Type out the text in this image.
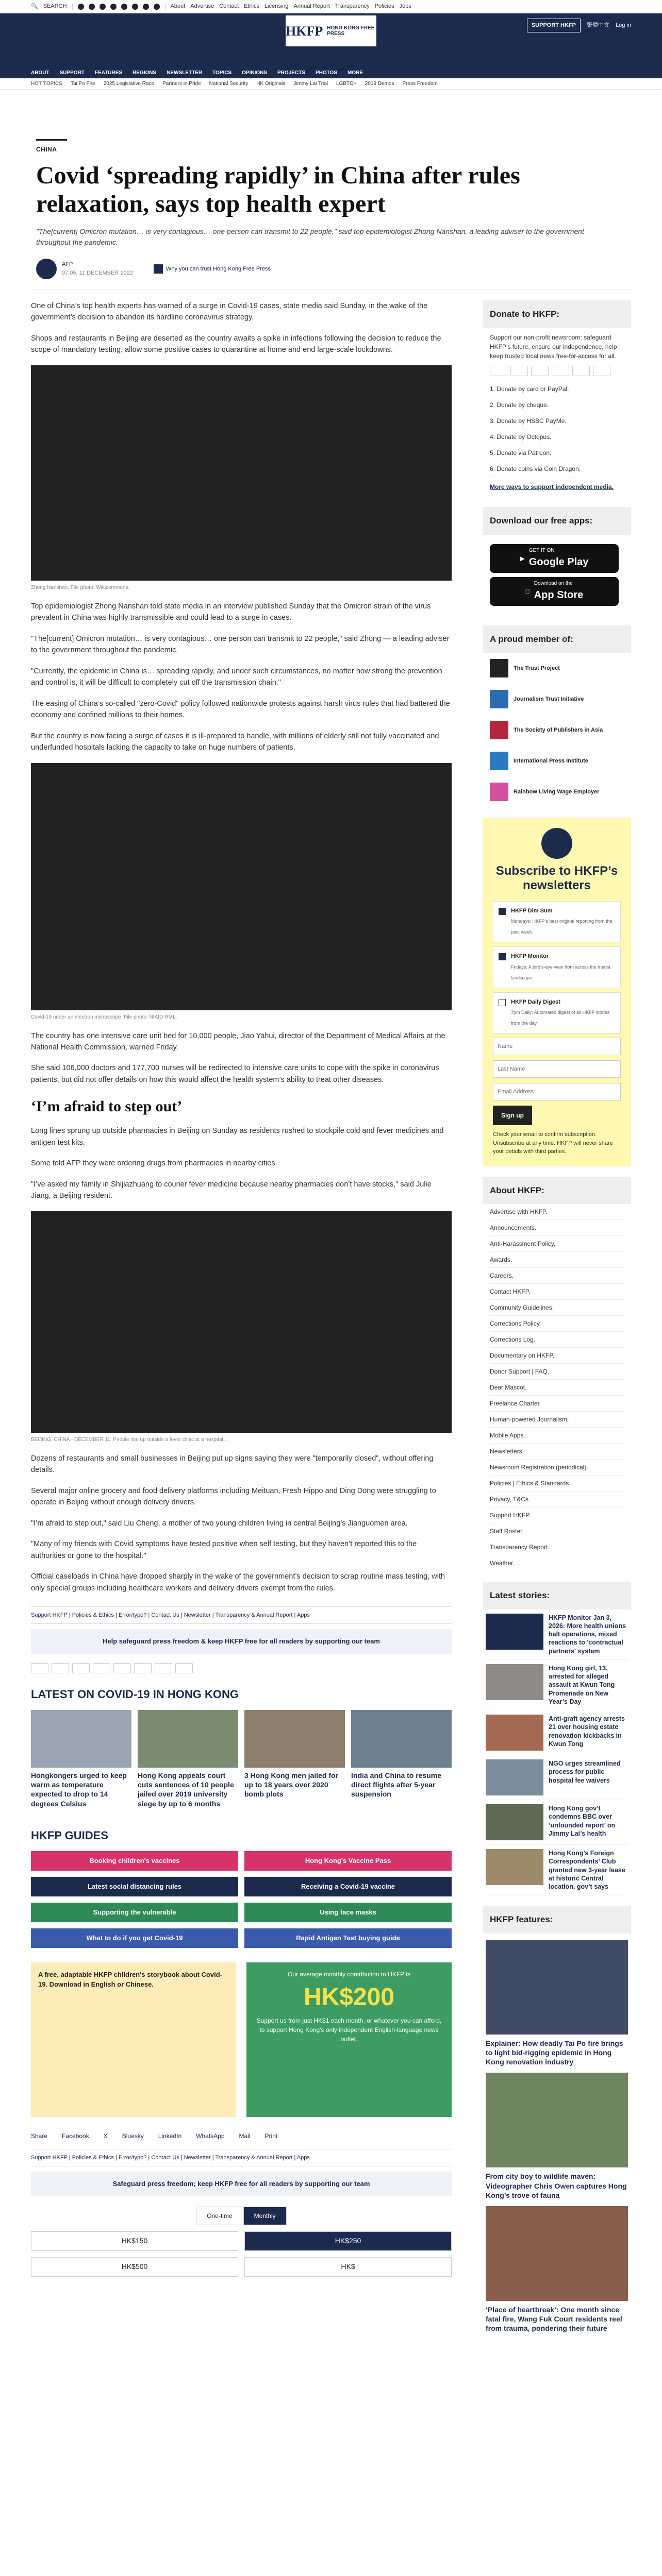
🔍 SEARCH	About Advertise Contact Ethics Licensing Annual Report Transparency Policies Jobs
HKFP HONG KONG FREE PRESS
SUPPORT HKFP	繁體中文 Log in
ABOUT SUPPORT FEATURES REGIONS NEWSLETTER TOPICS OPINIONS PROJECTS PHOTOS MORE
HOT TOPICS Tai Po Fire 2025 Legislative Race Partners in Pride National Security HK Originals Jimmy Lai Trial LGBTQ+ 2019 Demos Press Freedom
CHINA
Covid ‘spreading rapidly’ in China after rules relaxation, says top health expert
"The[current] Omicron mutation… is very contagious… one person can transmit to 22 people," said top epidemiologist Zhong Nanshan, a leading adviser to the government throughout the pandemic.
AFP
07:05, 11 DECEMBER 2022
Why you can trust Hong Kong Free Press

One of China’s top health experts has warned of a surge in Covid-19 cases, state media said Sunday, in the wake of the government’s decision to abandon its hardline coronavirus strategy.

Shops and restaurants in Beijing are deserted as the country awaits a spike in infections following the decision to reduce the scope of mandatory testing, allow some positive cases to quarantine at home and end large-scale lockdowns.

Zhong Nanshan. File photo: Wikicommons.

Top epidemiologist Zhong Nanshan told state media in an interview published Sunday that the Omicron strain of the virus prevalent in China was highly transmissible and could lead to a surge in cases.

"The[current] Omicron mutation… is very contagious… one person can transmit to 22 people," said Zhong — a leading adviser to the government throughout the pandemic.

"Currently, the epidemic in China is… spreading rapidly, and under such circumstances, no matter how strong the prevention and control is, it will be difficult to completely cut off the transmission chain."

The easing of China’s so-called "zero-Covid" policy followed nationwide protests against harsh virus rules that had battered the economy and confined millions to their homes.

But the country is now facing a surge of cases it is ill-prepared to handle, with millions of elderly still not fully vaccinated and underfunded hospitals lacking the capacity to take on huge numbers of patients.

Covid-19 under an electron microscope. File photo: NIAID-RML.

The country has one intensive care unit bed for 10,000 people, Jiao Yahui, director of the Department of Medical Affairs at the National Health Commission, warned Friday.

She said 106,000 doctors and 177,700 nurses will be redirected to intensive care units to cope with the spike in coronavirus patients, but did not offer details on how this would affect the health system’s ability to treat other diseases.

‘I’m afraid to step out’

Long lines sprung up outside pharmacies in Beijing on Sunday as residents rushed to stockpile cold and fever medicines and antigen test kits.

Some told AFP they were ordering drugs from pharmacies in nearby cities.

"I’ve asked my family in Shijiazhuang to courier fever medicine because nearby pharmacies don’t have stocks," said Julie Jiang, a Beijing resident.

BEIJING, CHINA - DECEMBER 11: People line up outside a fever clinic at a hospital…

Dozens of restaurants and small businesses in Beijing put up signs saying they were "temporarily closed", without offering details.

Several major online grocery and food delivery platforms including Meituan, Fresh Hippo and Ding Dong were struggling to operate in Beijing without enough delivery drivers.

"I’m afraid to step out," said Liu Cheng, a mother of two young children living in central Beijing’s Jianguomen area.

"Many of my friends with Covid symptoms have tested positive when self testing, but they haven’t reported this to the authorities or gone to the hospital."

Official caseloads in China have dropped sharply in the wake of the government’s decision to scrap routine mass testing, with only special groups including healthcare workers and delivery drivers exempt from the rules.

Support HKFP | Policies & Ethics | Error/typo? | Contact Us | Newsletter | Transparency & Annual Report | Apps
Help safeguard press freedom & keep HKFP free for all readers by supporting our team
LATEST ON COVID-19 IN HONG KONG
Hongkongers urged to keep warm as temperature expected to drop to 14 degrees Celsius
Hong Kong appeals court cuts sentences of 10 people jailed over 2019 university siege by up to 6 months
3 Hong Kong men jailed for up to 18 years over 2020 bomb plots
India and China to resume direct flights after 5-year suspension
HKFP GUIDES
Booking children's vaccines	Hong Kong's Vaccine Pass
Latest social distancing rules	Receiving a Covid-19 vaccine
Supporting the vulnerable	Using face masks
What to do if you get Covid-19	Rapid Antigen Test buying guide
A free, adaptable HKFP children's storybook about Covid-19. Download in English or Chinese.
Our average monthly contribution to HKFP is
HK$200
Support us from just HK$1 each month, or whatever you can afford, to support Hong Kong's only independent English-language news outlet.
Share Facebook X Bluesky LinkedIn WhatsApp Mail Print
Support HKFP | Policies & Ethics | Error/typo? | Contact Us | Newsletter | Transparency & Annual Report | Apps
Safeguard press freedom; keep HKFP free for all readers by supporting our team
One-time	Monthly
HK$150	HK$250
HK$500	HK$
Donate to HKFP:

Support our non-profit newsroom: safeguard HKFP’s future, ensure our independence, help keep trusted local news free-for-access for all.

1. Donate by card or PayPal.
2. Donate by cheque.
3. Donate by HSBC PayMe.
4. Donate by Octopus.
5. Donate via Patreon.
6. Donate coins via Coin Dragon.

More ways to support independent media.

Download our free apps:
▶
GET IT ON
Google Play
Download on the
App Store
A proud member of:
The Trust Project
Journalism Trust Initiative
The Society of Publishers in Asia
International Press Institute
Rainbow Living Wage Employer
Subscribe to HKFP’s newsletters
HKFP Dim Sum
Mondays: HKFP’s best original reporting from the past week.
HKFP Monitor
Fridays: A bird’s-eye view from across the media landscape.
HKFP Daily Digest
7pm Daily: Automated digest of all HKFP stories from the day.
Name Last Name Email Address
Sign up
Check your email to confirm subscription. Unsubscribe at any time. HKFP will never share your details with third parties.
About HKFP:
Advertise with HKFP.
Announcements.
Anti-Harassment Policy.
Awards.
Careers.
Contact HKFP.
Community Guidelines.
Corrections Policy.
Corrections Log.
Documentary on HKFP.
Donor Support | FAQ.
Dear Mascot.
Freelance Charter.
Human-powered Journalism.
Mobile Apps.
Newsletters.
Newsroom Registration (periodical).
Policies | Ethics & Standards.
Privacy, T&Cs.
Support HKFP.
Staff Roster.
Transparency Report.
Weather.
Latest stories:
HKFP Monitor Jan 3, 2026: More health unions halt operations, mixed reactions to 'contractual partners' system
Hong Kong girl, 13, arrested for alleged assault at Kwun Tong Promenade on New Year’s Day
Anti-graft agency arrests 21 over housing estate renovation kickbacks in Kwun Tong
NGO urges streamlined process for public hospital fee waivers
Hong Kong gov’t condemns BBC over ‘unfounded report’ on Jimmy Lai’s health
Hong Kong’s Foreign Correspondents’ Club granted new 3-year lease at historic Central location, gov’t says
HKFP features:
Explainer: How deadly Tai Po fire brings to light bid-rigging epidemic in Hong Kong renovation industry
From city boy to wildlife maven: Videographer Chris Owen captures Hong Kong’s trove of fauna
‘Place of heartbreak’: One month since fatal fire, Wang Fuk Court residents reel from trauma, pondering their future
